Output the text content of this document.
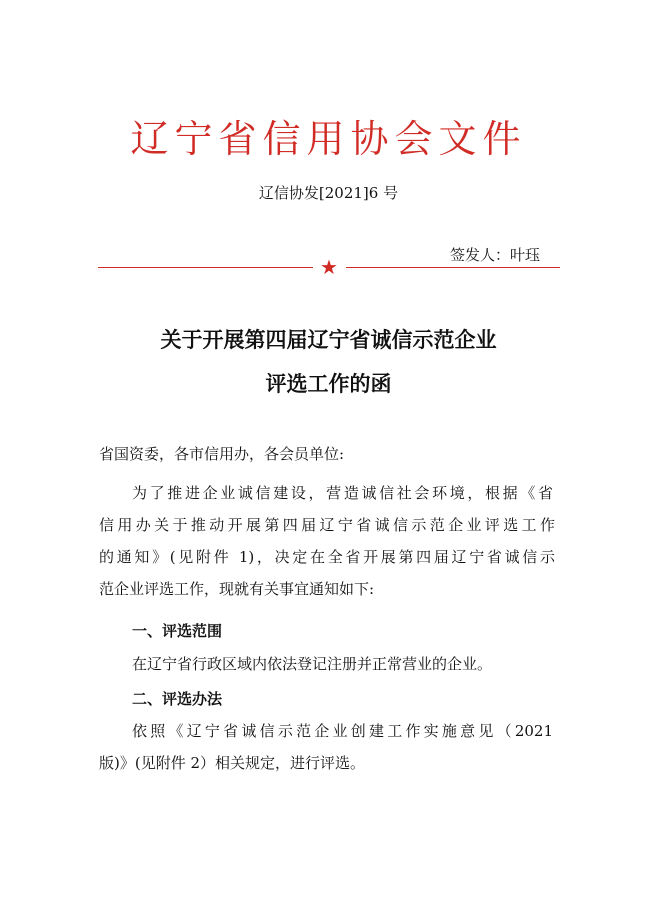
辽宁省信用协会文件
辽信协发[2021]6 号
签发人：叶珏
★
关于开展第四届辽宁省诚信示范企业
评选工作的函
省国资委，各市信用办，各会员单位:
为了推进企业诚信建设，营造诚信社会环境，根据《省
信用办关于推动开展第四届辽宁省诚信示范企业评选工作
的通知》(见附件 1)，决定在全省开展第四届辽宁省诚信示
范企业评选工作，现就有关事宜通知如下:
一、评选范围
在辽宁省行政区域内依法登记注册并正常营业的企业。
二、评选办法
依照《辽宁省诚信示范企业创建工作实施意见（2021
版)》(见附件 2）相关规定，进行评选。
